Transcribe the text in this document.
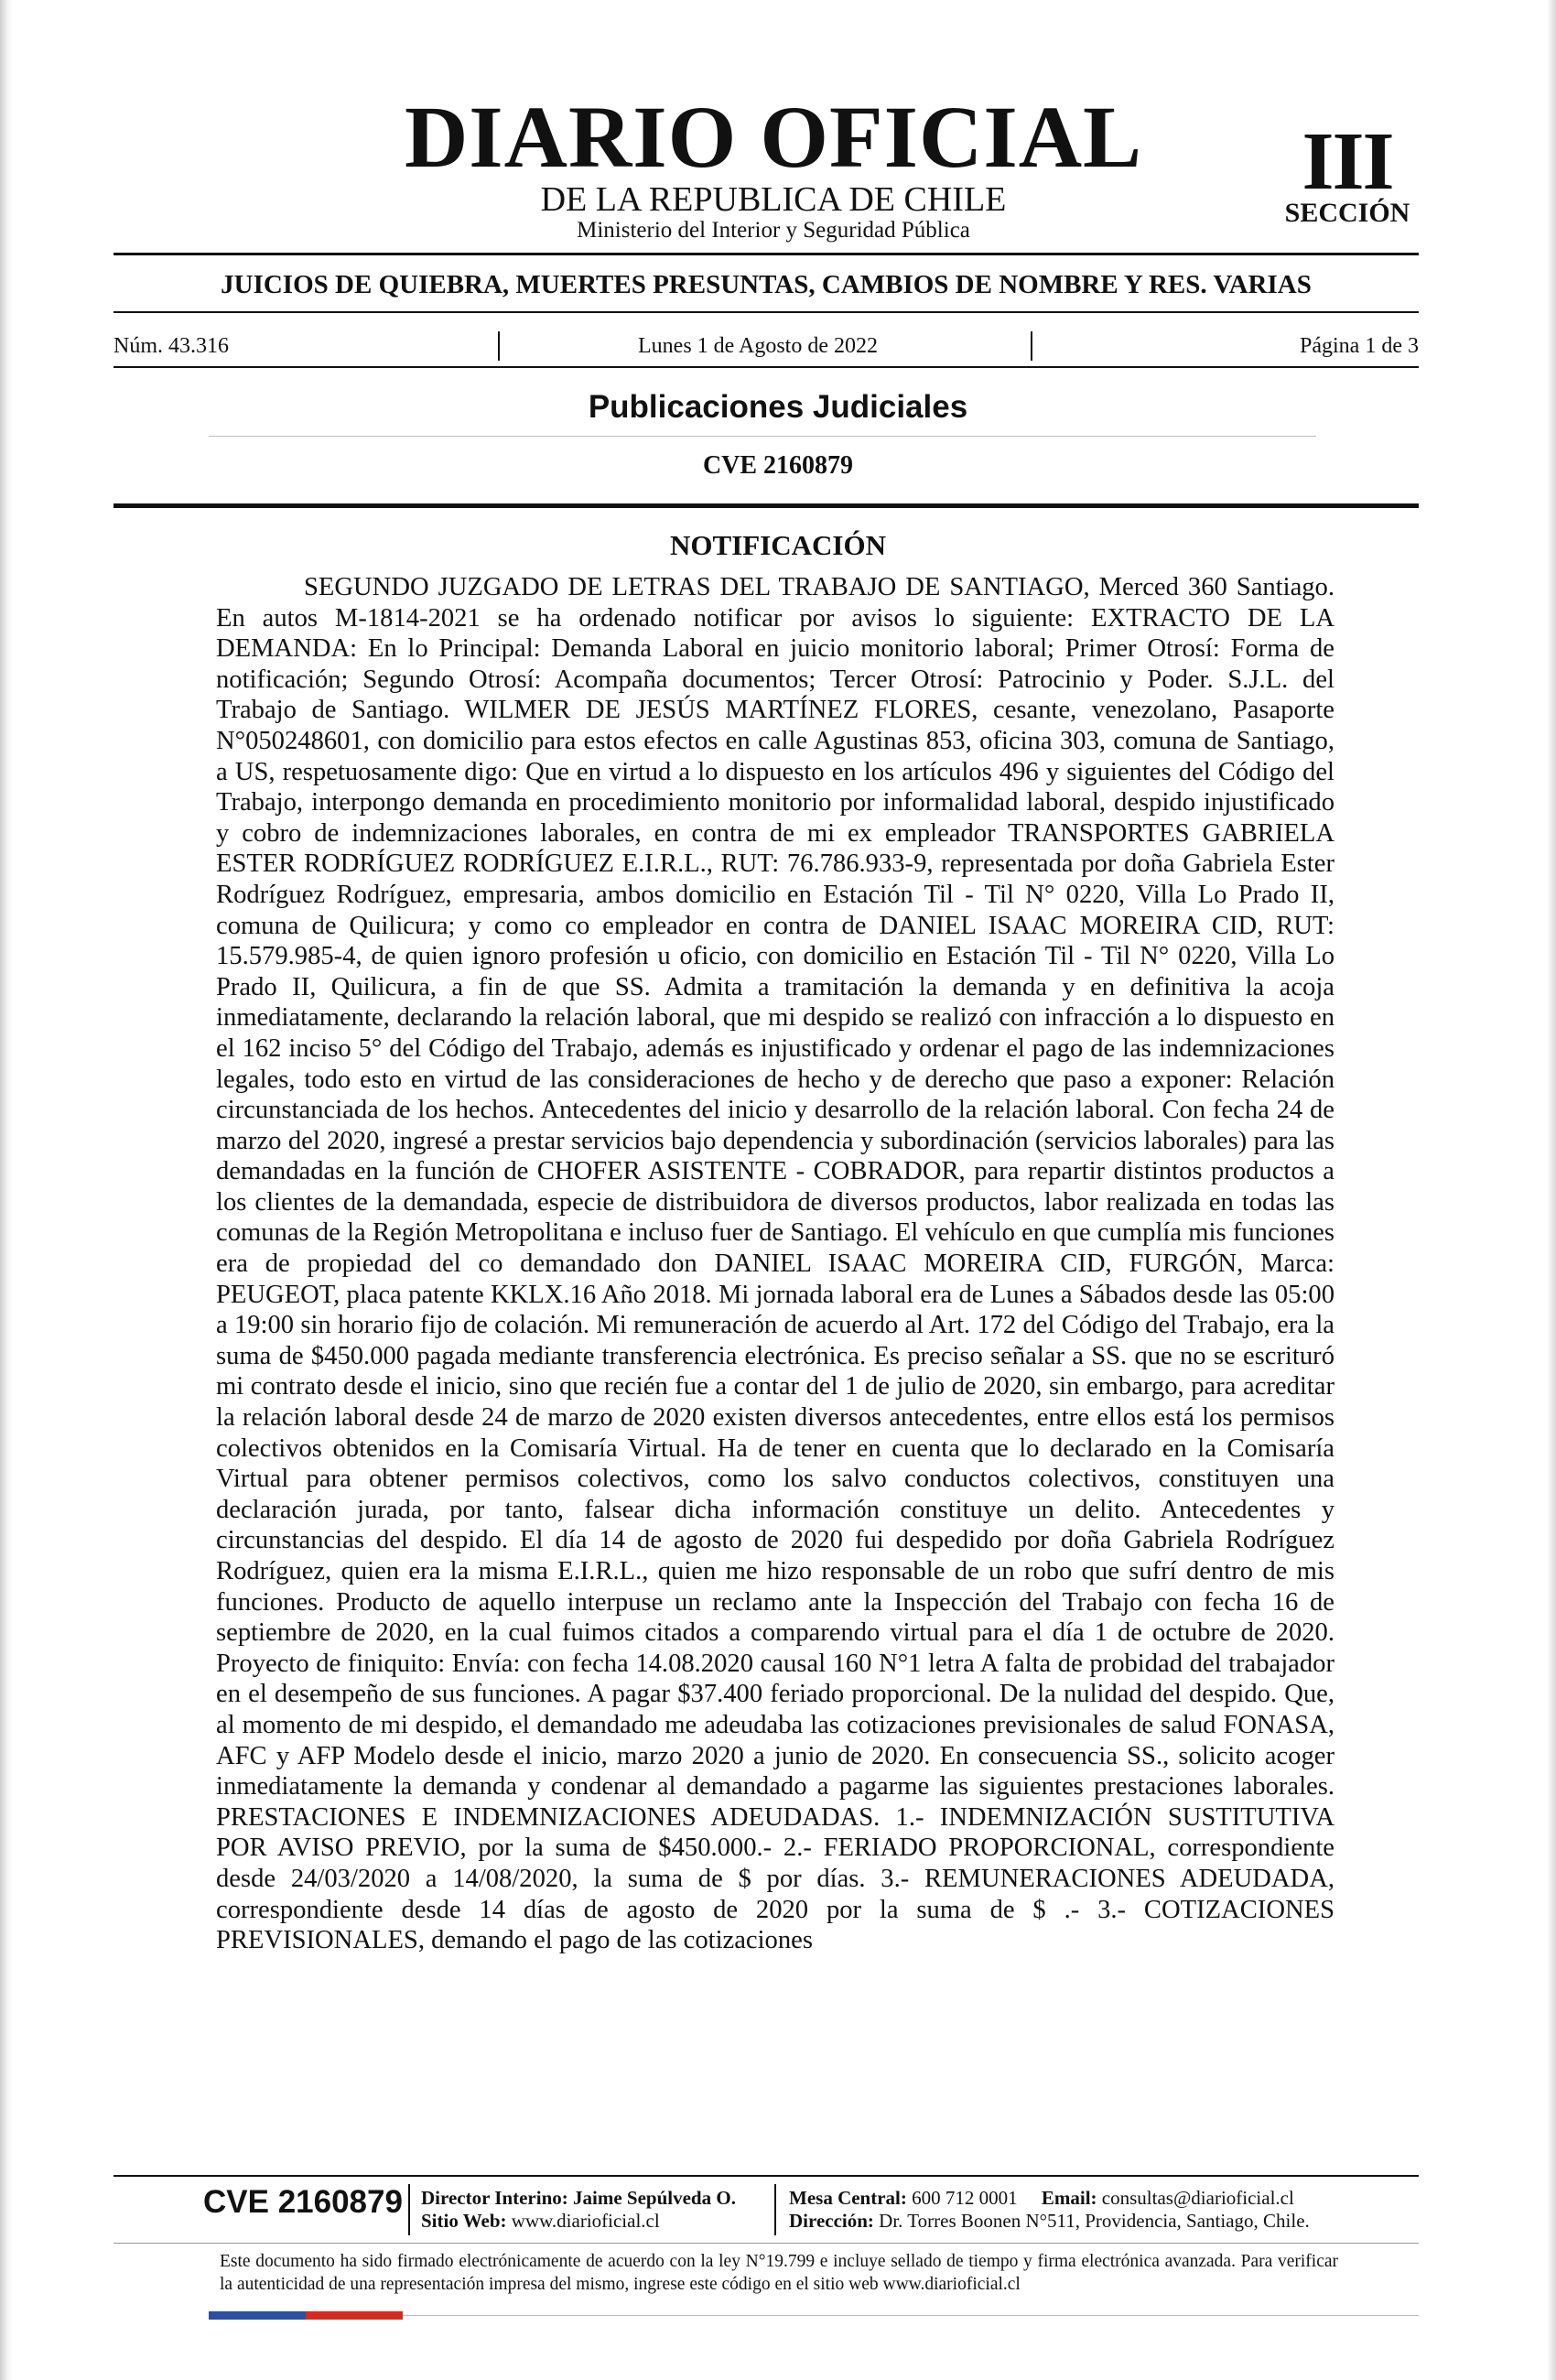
DIARIO OFICIAL
DE LA REPUBLICA DE CHILE
Ministerio del Interior y Seguridad Pública
III
SECCIÓN
JUICIOS DE QUIEBRA, MUERTES PRESUNTAS, CAMBIOS DE NOMBRE Y RES. VARIAS
Núm. 43.316	Lunes 1 de Agosto de 2022	Página 1 de 3
Publicaciones Judiciales
CVE 2160879
NOTIFICACIÓN
SEGUNDO JUZGADO DE LETRAS DEL TRABAJO DE SANTIAGO, Merced 360 Santiago. En autos M-1814-2021 se ha ordenado notificar por avisos lo siguiente: EXTRACTO DE LA DEMANDA: En lo Principal: Demanda Laboral en juicio monitorio laboral; Primer Otrosí: Forma de notificación; Segundo Otrosí: Acompaña documentos; Tercer Otrosí: Patrocinio y Poder. S.J.L. del Trabajo de Santiago. WILMER DE JESÚS MARTÍNEZ FLORES, cesante, venezolano, Pasaporte N°050248601, con domicilio para estos efectos en calle Agustinas 853, oficina 303, comuna de Santiago, a US, respetuosamente digo: Que en virtud a lo dispuesto en los artículos 496 y siguientes del Código del Trabajo, interpongo demanda en procedimiento monitorio por informalidad laboral, despido injustificado y cobro de indemnizaciones laborales, en contra de mi ex empleador TRANSPORTES GABRIELA ESTER RODRÍGUEZ RODRÍGUEZ E.I.R.L., RUT: 76.786.933-9, representada por doña Gabriela Ester Rodríguez Rodríguez, empresaria, ambos domicilio en Estación Til - Til N° 0220, Villa Lo Prado II, comuna de Quilicura; y como co empleador en contra de DANIEL ISAAC MOREIRA CID, RUT: 15.579.985-4, de quien ignoro profesión u oficio, con domicilio en Estación Til - Til N° 0220, Villa Lo Prado II, Quilicura, a fin de que SS. Admita a tramitación la demanda y en definitiva la acoja inmediatamente, declarando la relación laboral, que mi despido se realizó con infracción a lo dispuesto en el 162 inciso 5° del Código del Trabajo, además es injustificado y ordenar el pago de las indemnizaciones legales, todo esto en virtud de las consideraciones de hecho y de derecho que paso a exponer: Relación circunstanciada de los hechos. Antecedentes del inicio y desarrollo de la relación laboral. Con fecha 24 de marzo del 2020, ingresé a prestar servicios bajo dependencia y subordinación (servicios laborales) para las demandadas en la función de CHOFER ASISTENTE - COBRADOR, para repartir distintos productos a los clientes de la demandada, especie de distribuidora de diversos productos, labor realizada en todas las comunas de la Región Metropolitana e incluso fuer de Santiago. El vehículo en que cumplía mis funciones era de propiedad del co demandado don DANIEL ISAAC MOREIRA CID, FURGÓN, Marca: PEUGEOT, placa patente KKLX.16 Año 2018. Mi jornada laboral era de Lunes a Sábados desde las 05:00 a 19:00 sin horario fijo de colación. Mi remuneración de acuerdo al Art. 172 del Código del Trabajo, era la suma de $450.000 pagada mediante transferencia electrónica. Es preciso señalar a SS. que no se escrituró mi contrato desde el inicio, sino que recién fue a contar del 1 de julio de 2020, sin embargo, para acreditar la relación laboral desde 24 de marzo de 2020 existen diversos antecedentes, entre ellos está los permisos colectivos obtenidos en la Comisaría Virtual. Ha de tener en cuenta que lo declarado en la Comisaría Virtual para obtener permisos colectivos, como los salvo conductos colectivos, constituyen una declaración jurada, por tanto, falsear dicha información constituye un delito. Antecedentes y circunstancias del despido. El día 14 de agosto de 2020 fui despedido por doña Gabriela Rodríguez Rodríguez, quien era la misma E.I.R.L., quien me hizo responsable de un robo que sufrí dentro de mis funciones. Producto de aquello interpuse un reclamo ante la Inspección del Trabajo con fecha 16 de septiembre de 2020, en la cual fuimos citados a comparendo virtual para el día 1 de octubre de 2020. Proyecto de finiquito: Envía: con fecha 14.08.2020 causal 160 N°1 letra A falta de probidad del trabajador en el desempeño de sus funciones. A pagar $37.400 feriado proporcional. De la nulidad del despido. Que, al momento de mi despido, el demandado me adeudaba las cotizaciones previsionales de salud FONASA, AFC y AFP Modelo desde el inicio, marzo 2020 a junio de 2020. En consecuencia SS., solicito acoger inmediatamente la demanda y condenar al demandado a pagarme las siguientes prestaciones laborales. PRESTACIONES E INDEMNIZACIONES ADEUDADAS. 1.- INDEMNIZACIÓN SUSTITUTIVA POR AVISO PREVIO, por la suma de $450.000.- 2.- FERIADO PROPORCIONAL, correspondiente desde 24/03/2020 a 14/08/2020, la suma de $ por días. 3.- REMUNERACIONES ADEUDADA, correspondiente desde 14 días de agosto de 2020 por la suma de $ .- 3.- COTIZACIONES PREVISIONALES, demando el pago de las cotizaciones
CVE 2160879 Director Interino: Jaime Sepúlveda O.
Sitio Web: www.diarioficial.cl
Mesa Central: 600 712 0001 Email: consultas@diarioficial.cl
Dirección: Dr. Torres Boonen N°511, Providencia, Santiago, Chile.
Este documento ha sido firmado electrónicamente de acuerdo con la ley N°19.799 e incluye sellado de tiempo y firma electrónica avanzada. Para verificar la autenticidad de una representación impresa del mismo, ingrese este código en el sitio web www.diarioficial.cl
